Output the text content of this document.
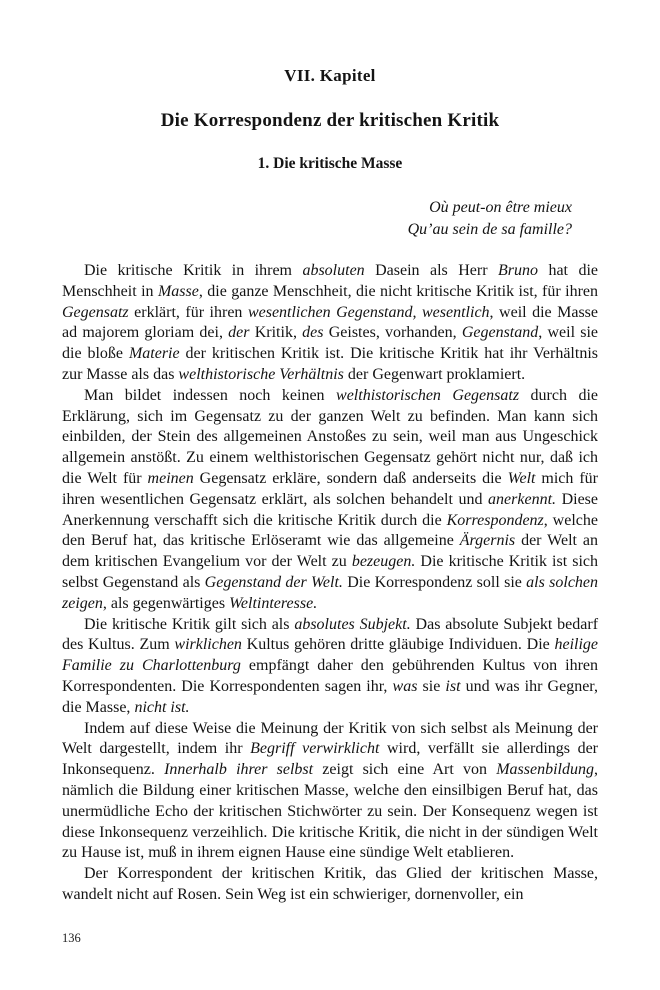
VII. Kapitel
Die Korrespondenz der kritischen Kritik
1. Die kritische Masse
Où peut-on être mieux
Qu’au sein de sa famille?

Die kritische Kritik in ihrem absoluten Dasein als Herr Bruno hat die Menschheit in Masse, die ganze Menschheit, die nicht kritische Kritik ist, für ihren Gegensatz erklärt, für ihren wesentlichen Gegenstand, wesentlich, weil die Masse ad majorem gloriam dei, der Kritik, des Geistes, vorhanden, Gegenstand, weil sie die bloße Materie der kritischen Kritik ist. Die kritische Kritik hat ihr Verhältnis zur Masse als das welthistorische Verhältnis der Gegenwart proklamiert.

Man bildet indessen noch keinen welthistorischen Gegensatz durch die Erklärung, sich im Gegensatz zu der ganzen Welt zu befinden. Man kann sich einbilden, der Stein des allgemeinen Anstoßes zu sein, weil man aus Ungeschick allgemein anstößt. Zu einem welthistorischen Gegensatz gehört nicht nur, daß ich die Welt für meinen Gegensatz erkläre, sondern daß anderseits die Welt mich für ihren wesentlichen Gegensatz erklärt, als solchen behandelt und anerkennt. Diese Anerkennung verschafft sich die kritische Kritik durch die Korrespondenz, welche den Beruf hat, das kritische Erlöseramt wie das allgemeine Ärgernis der Welt an dem kritischen Evangelium vor der Welt zu bezeugen. Die kritische Kritik ist sich selbst Gegenstand als Gegenstand der Welt. Die Korrespondenz soll sie als solchen zeigen, als gegenwärtiges Weltinteresse.

Die kritische Kritik gilt sich als absolutes Subjekt. Das absolute Subjekt bedarf des Kultus. Zum wirklichen Kultus gehören dritte gläubige Individuen. Die heilige Familie zu Charlottenburg empfängt daher den gebührenden Kultus von ihren Korrespondenten. Die Korrespondenten sagen ihr, was sie ist und was ihr Gegner, die Masse, nicht ist.

Indem auf diese Weise die Meinung der Kritik von sich selbst als Meinung der Welt dargestellt, indem ihr Begriff verwirklicht wird, verfällt sie allerdings der Inkonsequenz. Innerhalb ihrer selbst zeigt sich eine Art von Massenbildung, nämlich die Bildung einer kritischen Masse, welche den einsilbigen Beruf hat, das unermüdliche Echo der kritischen Stichwörter zu sein. Der Konsequenz wegen ist diese Inkonsequenz verzeihlich. Die kritische Kritik, die nicht in der sündigen Welt zu Hause ist, muß in ihrem eignen Hause eine sündige Welt etablieren.

Der Korrespondent der kritischen Kritik, das Glied der kritischen Masse, wandelt nicht auf Rosen. Sein Weg ist ein schwieriger, dornenvoller, ein

136
